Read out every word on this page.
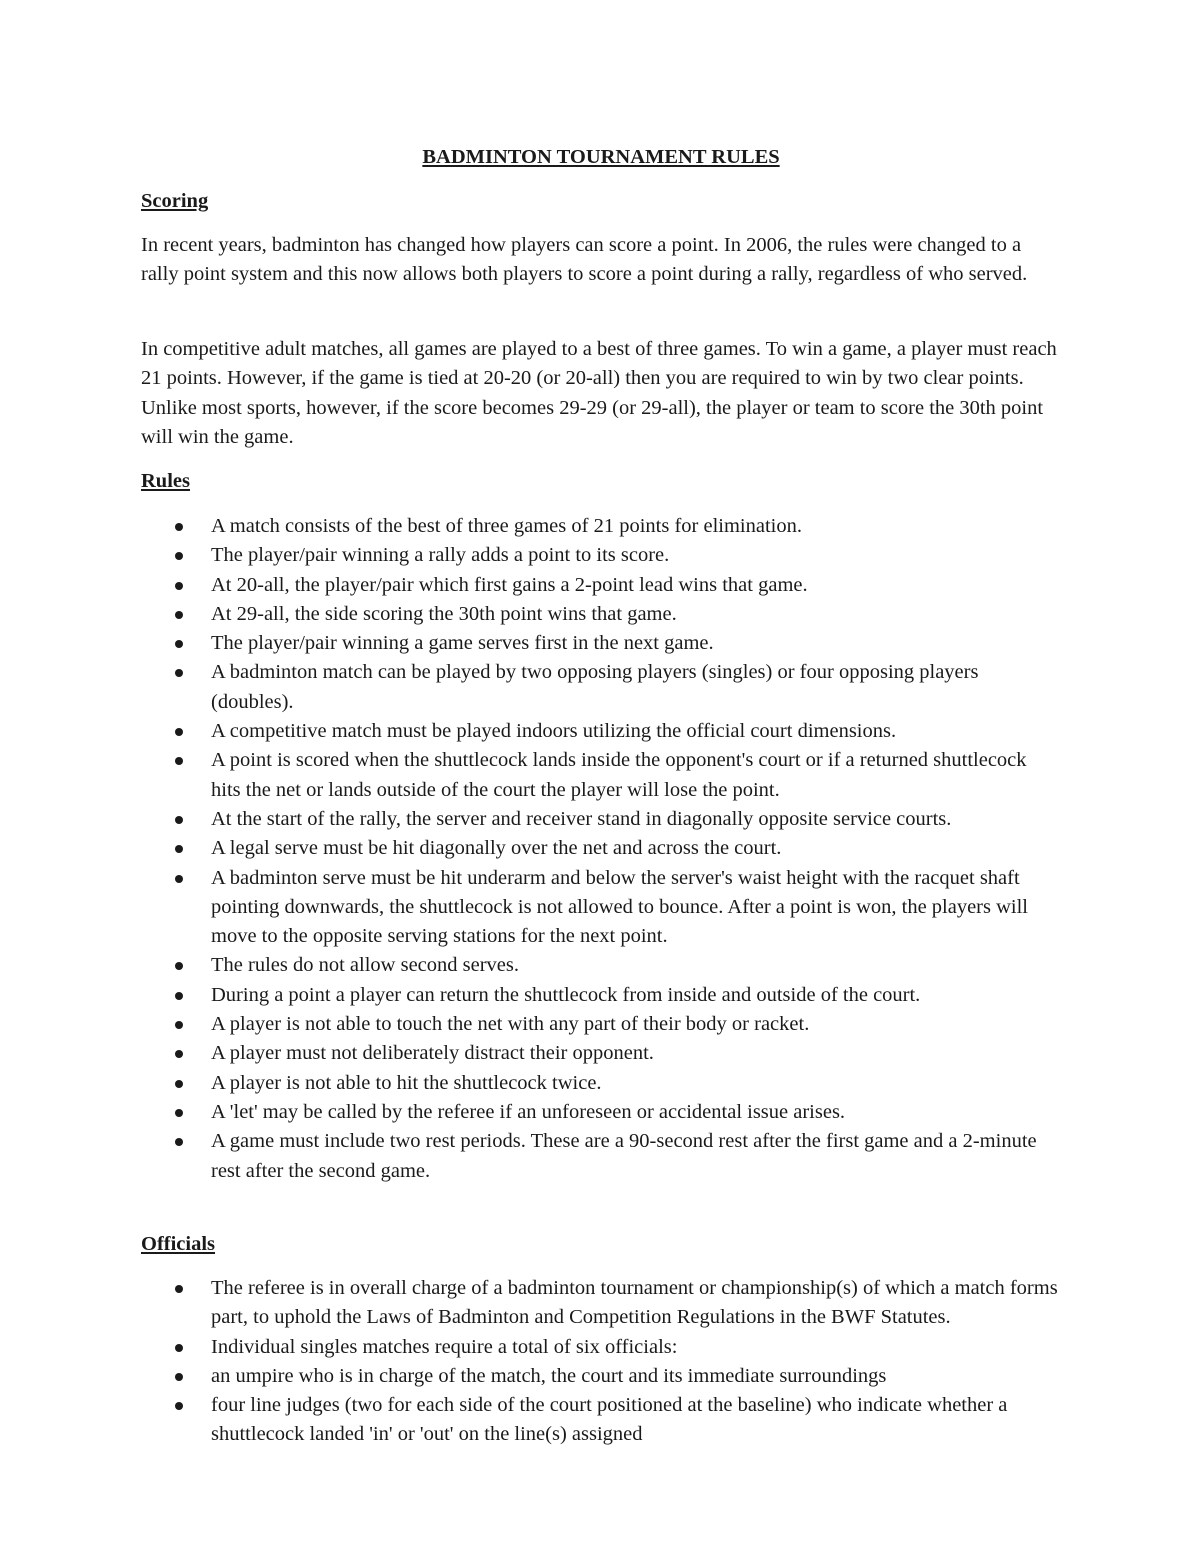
BADMINTON TOURNAMENT RULES
Scoring

In recent years, badminton has changed how players can score a point. In 2006, the rules were changed to a rally point system and this now allows both players to score a point during a rally, regardless of who served.

In competitive adult matches, all games are played to a best of three games. To win a game, a player must reach 21 points. However, if the game is tied at 20-20 (or 20-all) then you are required to win by two clear points. Unlike most sports, however, if the score becomes 29-29 (or 29-all), the player or team to score the 30th point will win the game.

Rules
A match consists of the best of three games of 21 points for elimination.
The player/pair winning a rally adds a point to its score.
At 20-all, the player/pair which first gains a 2-point lead wins that game.
At 29-all, the side scoring the 30th point wins that game.
The player/pair winning a game serves first in the next game.
A badminton match can be played by two opposing players (singles) or four opposing players (doubles).
A competitive match must be played indoors utilizing the official court dimensions.
A point is scored when the shuttlecock lands inside the opponent's court or if a returned shuttlecock hits the net or lands outside of the court the player will lose the point.
At the start of the rally, the server and receiver stand in diagonally opposite service courts.
A legal serve must be hit diagonally over the net and across the court.
A badminton serve must be hit underarm and below the server's waist height with the racquet shaft pointing downwards, the shuttlecock is not allowed to bounce. After a point is won, the players will move to the opposite serving stations for the next point.
The rules do not allow second serves.
During a point a player can return the shuttlecock from inside and outside of the court.
A player is not able to touch the net with any part of their body or racket.
A player must not deliberately distract their opponent.
A player is not able to hit the shuttlecock twice.
A 'let' may be called by the referee if an unforeseen or accidental issue arises.
A game must include two rest periods. These are a 90-second rest after the first game and a 2-minute rest after the second game.
Officials
The referee is in overall charge of a badminton tournament or championship(s) of which a match forms part, to uphold the Laws of Badminton and Competition Regulations in the BWF Statutes.
Individual singles matches require a total of six officials:
an umpire who is in charge of the match, the court and its immediate surroundings
four line judges (two for each side of the court positioned at the baseline) who indicate whether a shuttlecock landed 'in' or 'out' on the line(s) assigned
